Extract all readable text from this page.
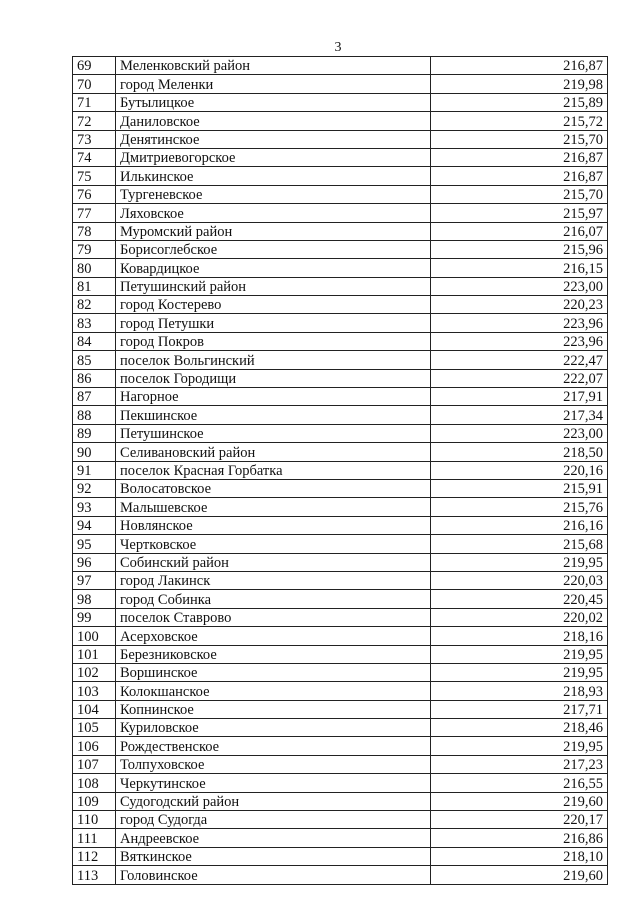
3
69	Меленковский район	216,87
70	город Меленки	219,98
71	Бутылицкое	215,89
72	Даниловское	215,72
73	Денятинское	215,70
74	Дмитриевогорское	216,87
75	Илькинское	216,87
76	Тургеневское	215,70
77	Ляховское	215,97
78	Муромский район	216,07
79	Борисоглебское	215,96
80	Ковардицкое	216,15
81	Петушинский район	223,00
82	город Костерево	220,23
83	город Петушки	223,96
84	город Покров	223,96
85	поселок Вольгинский	222,47
86	поселок Городищи	222,07
87	Нагорное	217,91
88	Пекшинское	217,34
89	Петушинское	223,00
90	Селивановский район	218,50
91	поселок Красная Горбатка	220,16
92	Волосатовское	215,91
93	Малышевское	215,76
94	Новлянское	216,16
95	Чертковское	215,68
96	Собинский район	219,95
97	город Лакинск	220,03
98	город Собинка	220,45
99	поселок Ставрово	220,02
100	Асерховское	218,16
101	Березниковское	219,95
102	Воршинское	219,95
103	Колокшанское	218,93
104	Копнинское	217,71
105	Куриловское	218,46
106	Рождественское	219,95
107	Толпуховское	217,23
108	Черкутинское	216,55
109	Судогодский район	219,60
110	город Судогда	220,17
111	Андреевское	216,86
112	Вяткинское	218,10
113	Головинское	219,60
